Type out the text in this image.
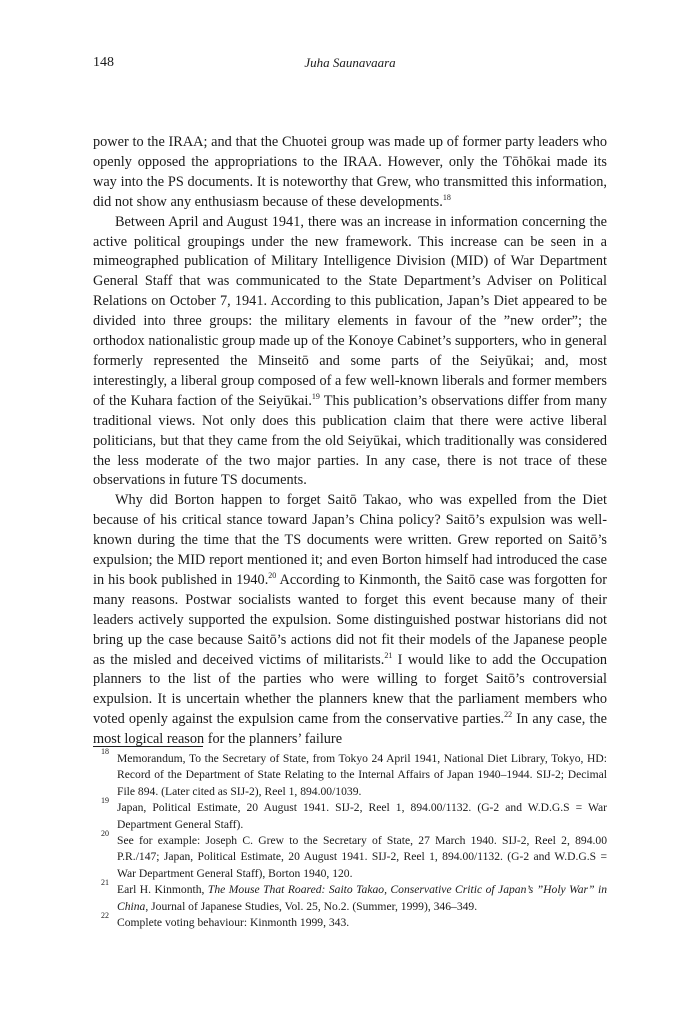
148	Juha Saunavaara

power to the IRAA; and that the Chuotei group was made up of former party leaders who openly opposed the appropriations to the IRAA. However, only the Tōhōkai made its way into the PS documents. It is noteworthy that Grew, who transmitted this information, did not show any enthusiasm because of these developments.$^{18}$

Between April and August 1941, there was an increase in information concerning the active political groupings under the new framework. This increase can be seen in a mimeographed publication of Military Intelligence Division (MID) of War Department General Staff that was communicated to the State Department’s Adviser on Political Relations on October 7, 1941. According to this publication, Japan’s Diet appeared to be divided into three groups: the military elements in favour of the ”new order”; the orthodox nationalistic group made up of the Konoye Cabinet’s supporters, who in general formerly represented the Minseitō and some parts of the Seiyūkai; and, most interestingly, a liberal group composed of a few well-known liberals and former members of the Kuhara faction of the Seiyūkai.$^{19}$ This publication’s observations differ from many traditional views. Not only does this publication claim that there were active liberal politicians, but that they came from the old Seiyūkai, which traditionally was considered the less moderate of the two major parties. In any case, there is not trace of these observations in future TS documents.

Why did Borton happen to forget Saitō Takao, who was expelled from the Diet because of his critical stance toward Japan’s China policy? Saitō’s expulsion was well-known during the time that the TS documents were written. Grew reported on Saitō’s expulsion; the MID report mentioned it; and even Borton himself had introduced the case in his book published in 1940.20 According to Kinmonth, the Saitō case was forgotten for many reasons. Postwar socialists wanted to forget this event because many of their leaders actively supported the expulsion. Some distinguished postwar historians did not bring up the case because Saitō’s actions did not fit their models of the Japanese people as the misled and deceived victims of militarists.$^{21}$ I would like to add the Occupation planners to the list of the parties who were willing to forget Saitō’s controversial expulsion. It is uncertain whether the planners knew that the parliament members who voted openly against the expulsion came from the conservative parties.$^{22}$ In any case, the most logical reason for the planners’ failure

18
Memorandum, To the Secretary of State, from Tokyo 24 April 1941, National Diet Library, Tokyo, HD: Record of the Department of State Relating to the Internal Affairs of Japan 1940–1944. SIJ-2; Decimal File 894. (Later cited as SIJ-2), Reel 1, 894.00/1039.

19
Japan, Political Estimate, 20 August 1941. SIJ-2, Reel 1, 894.00/1132. (G-2 and W.D.G.S = War Department General Staff).

20
See for example: Joseph C. Grew to the Secretary of State, 27 March 1940. SIJ-2, Reel 2, 894.00 P.R./147; Japan, Political Estimate, 20 August 1941. SIJ-2, Reel 1, 894.00/1132. (G-2 and W.D.G.S = War Department General Staff), Borton 1940, 120.

21
Earl H. Kinmonth, The Mouse That Roared: Saito Takao, Conservative Critic of Japan’s ”Holy War” in China, Journal of Japanese Studies, Vol. 25, No.2. (Summer, 1999), 346–349.

22
Complete voting behaviour: Kinmonth 1999, 343.
